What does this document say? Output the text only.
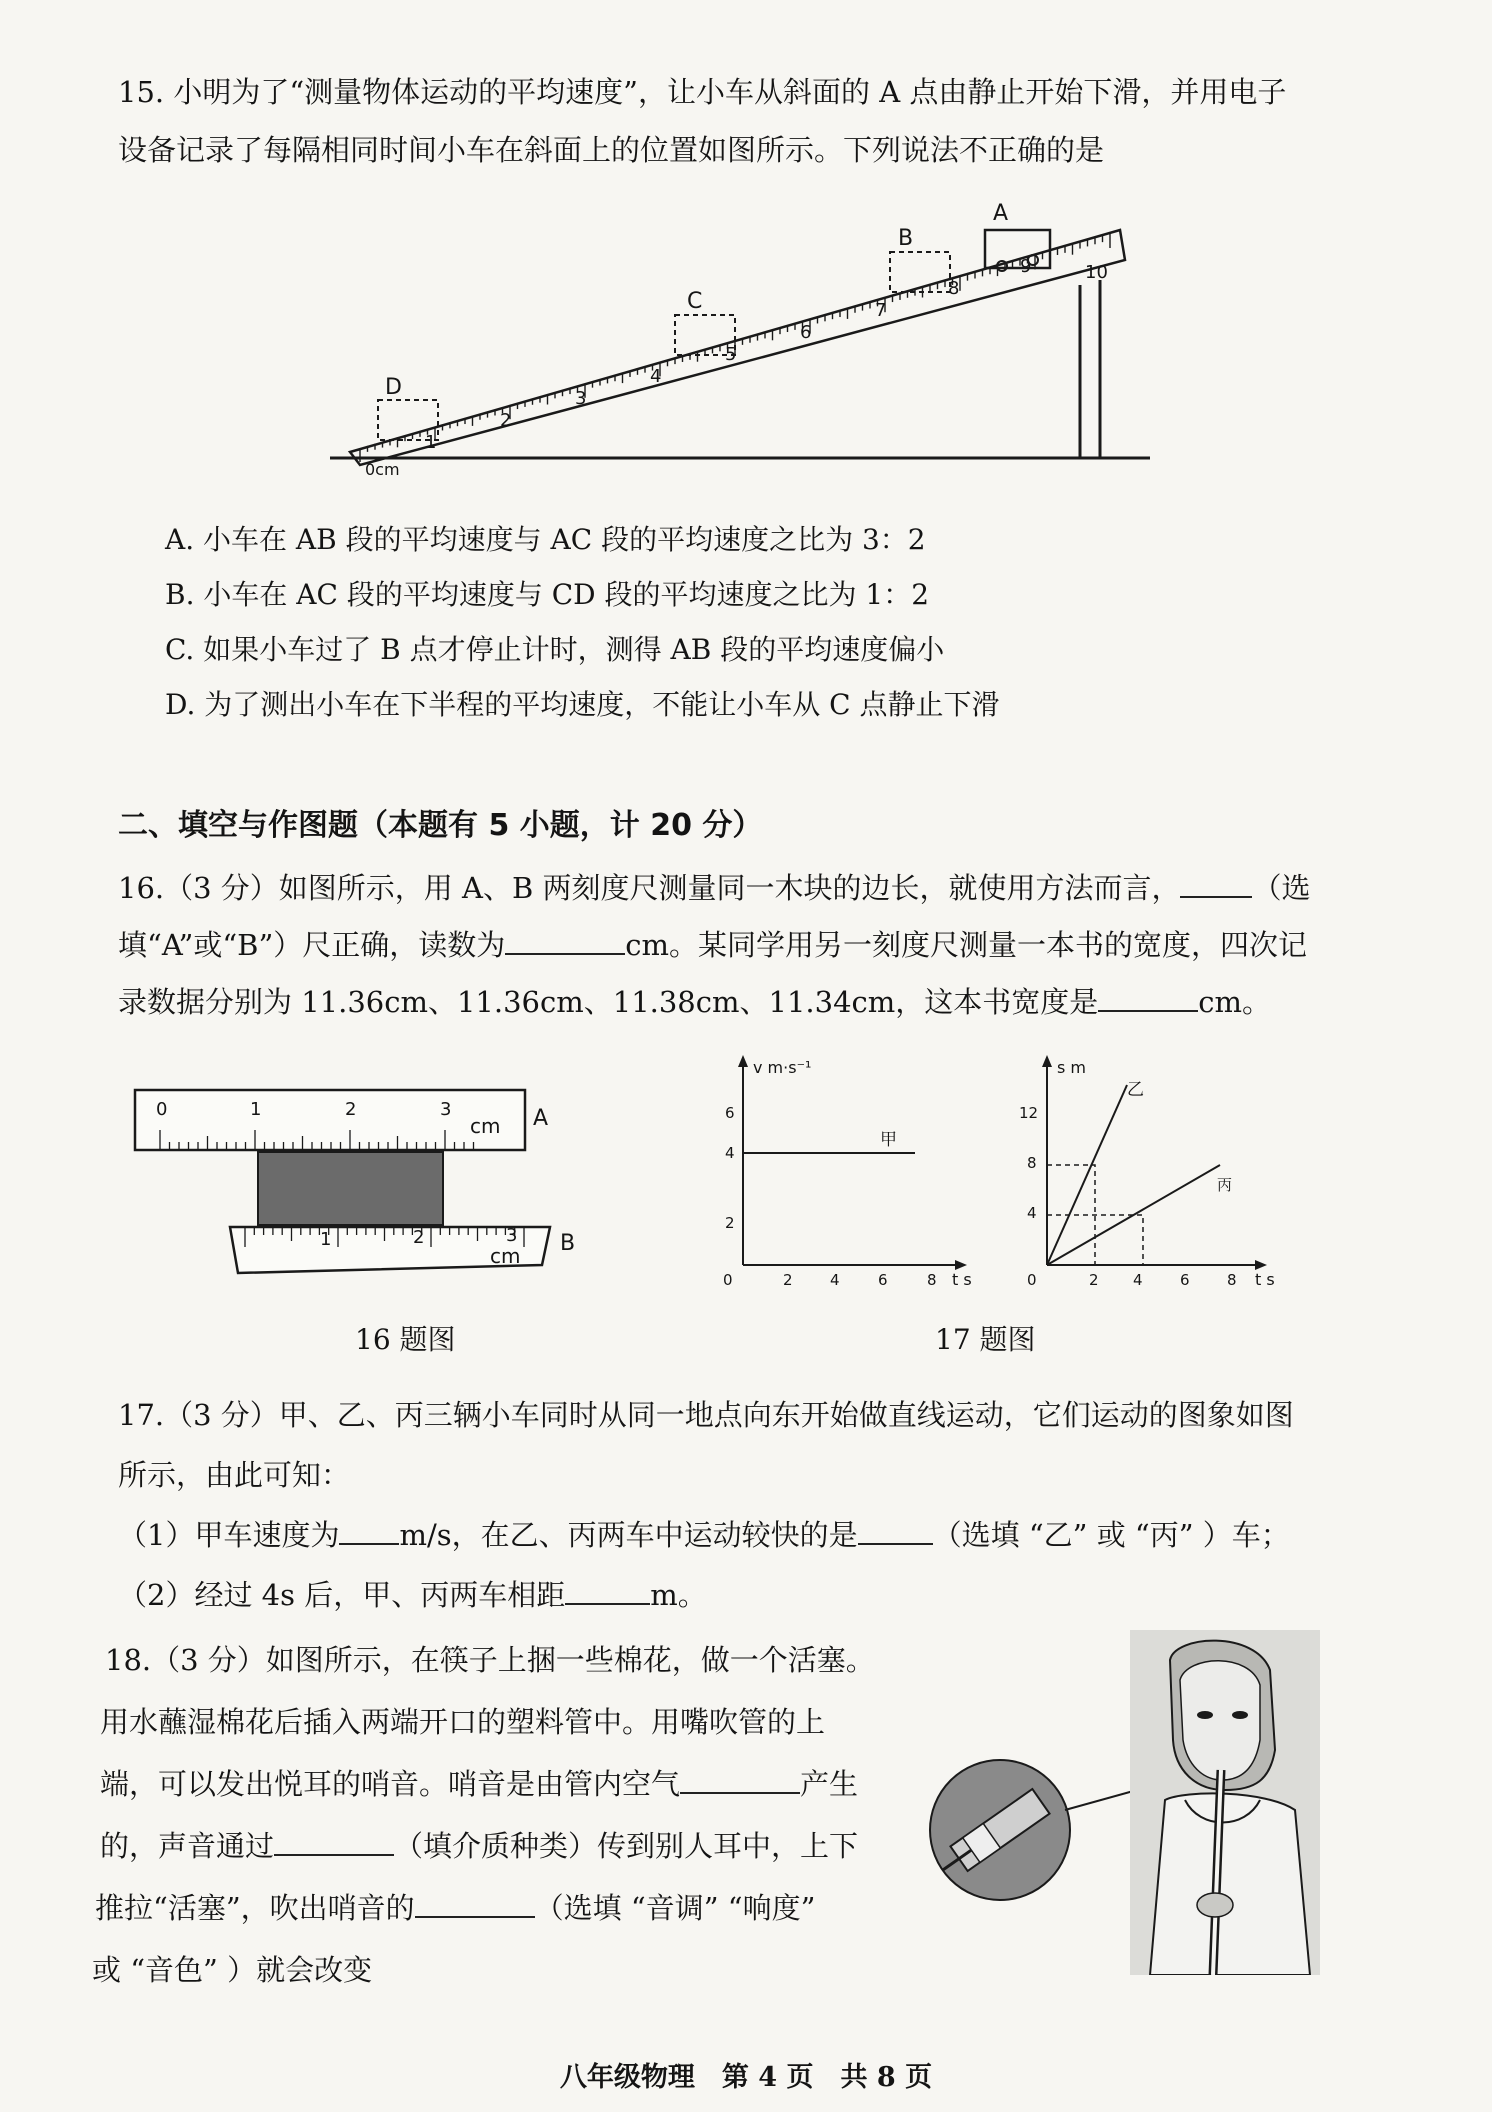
15. 小明为了“测量物体运动的平均速度”，让小车从斜面的 A 点由静止开始下滑，并用电子
设备记录了每隔相同时间小车在斜面上的位置如图所示。下列说法不正确的是
1
2
3
4
5
6
7
8
9	10
0cm
A
B
C
D
A. 小车在 AB 段的平均速度与 AC 段的平均速度之比为 3：2
B. 小车在 AC 段的平均速度与 CD 段的平均速度之比为 1：2
C. 如果小车过了 B 点才停止计时，测得 AB 段的平均速度偏小
D. 为了测出小车在下半程的平均速度，不能让小车从 C 点静止下滑
二、填空与作图题（本题有 5 小题，计 20 分）
16.（3 分）如图所示，用 A、B 两刻度尺测量同一木块的边长，就使用方法而言， （选
填“A”或“B”）尺正确，读数为	cm。某同学用另一刻度尺测量一本书的宽度，四次记
录数据分别为 11.36cm、11.36cm、11.38cm、11.34cm，这本书宽度是	cm。
0	1	2	3
cm A
1	2	3
cm B
16 题图
v m·s⁻¹
t s
2
4
6
0	2 4	6	8
甲
s m
t s
4
8
12
0	2 4 6 8
乙
丙
17 题图
17.（3 分）甲、乙、丙三辆小车同时从同一地点向东开始做直线运动，它们运动的图象如图
所示，由此可知：
（1）甲车速度为 m/s，在乙、丙两车中运动较快的是	（选填 “乙” 或 “丙” ）车；
（2）经过 4s 后，甲、丙两车相距	m。
18.（3 分）如图所示，在筷子上捆一些棉花，做一个活塞。
用水蘸湿棉花后插入两端开口的塑料管中。用嘴吹管的上
端，可以发出悦耳的哨音。哨音是由管内空气	产生
的，声音通过	（填介质种类）传到别人耳中，上下
推拉“活塞”，吹出哨音的	（选填 “音调” “响度”
或 “音色” ）就会改变
八年级物理　第 4 页　共 8 页
